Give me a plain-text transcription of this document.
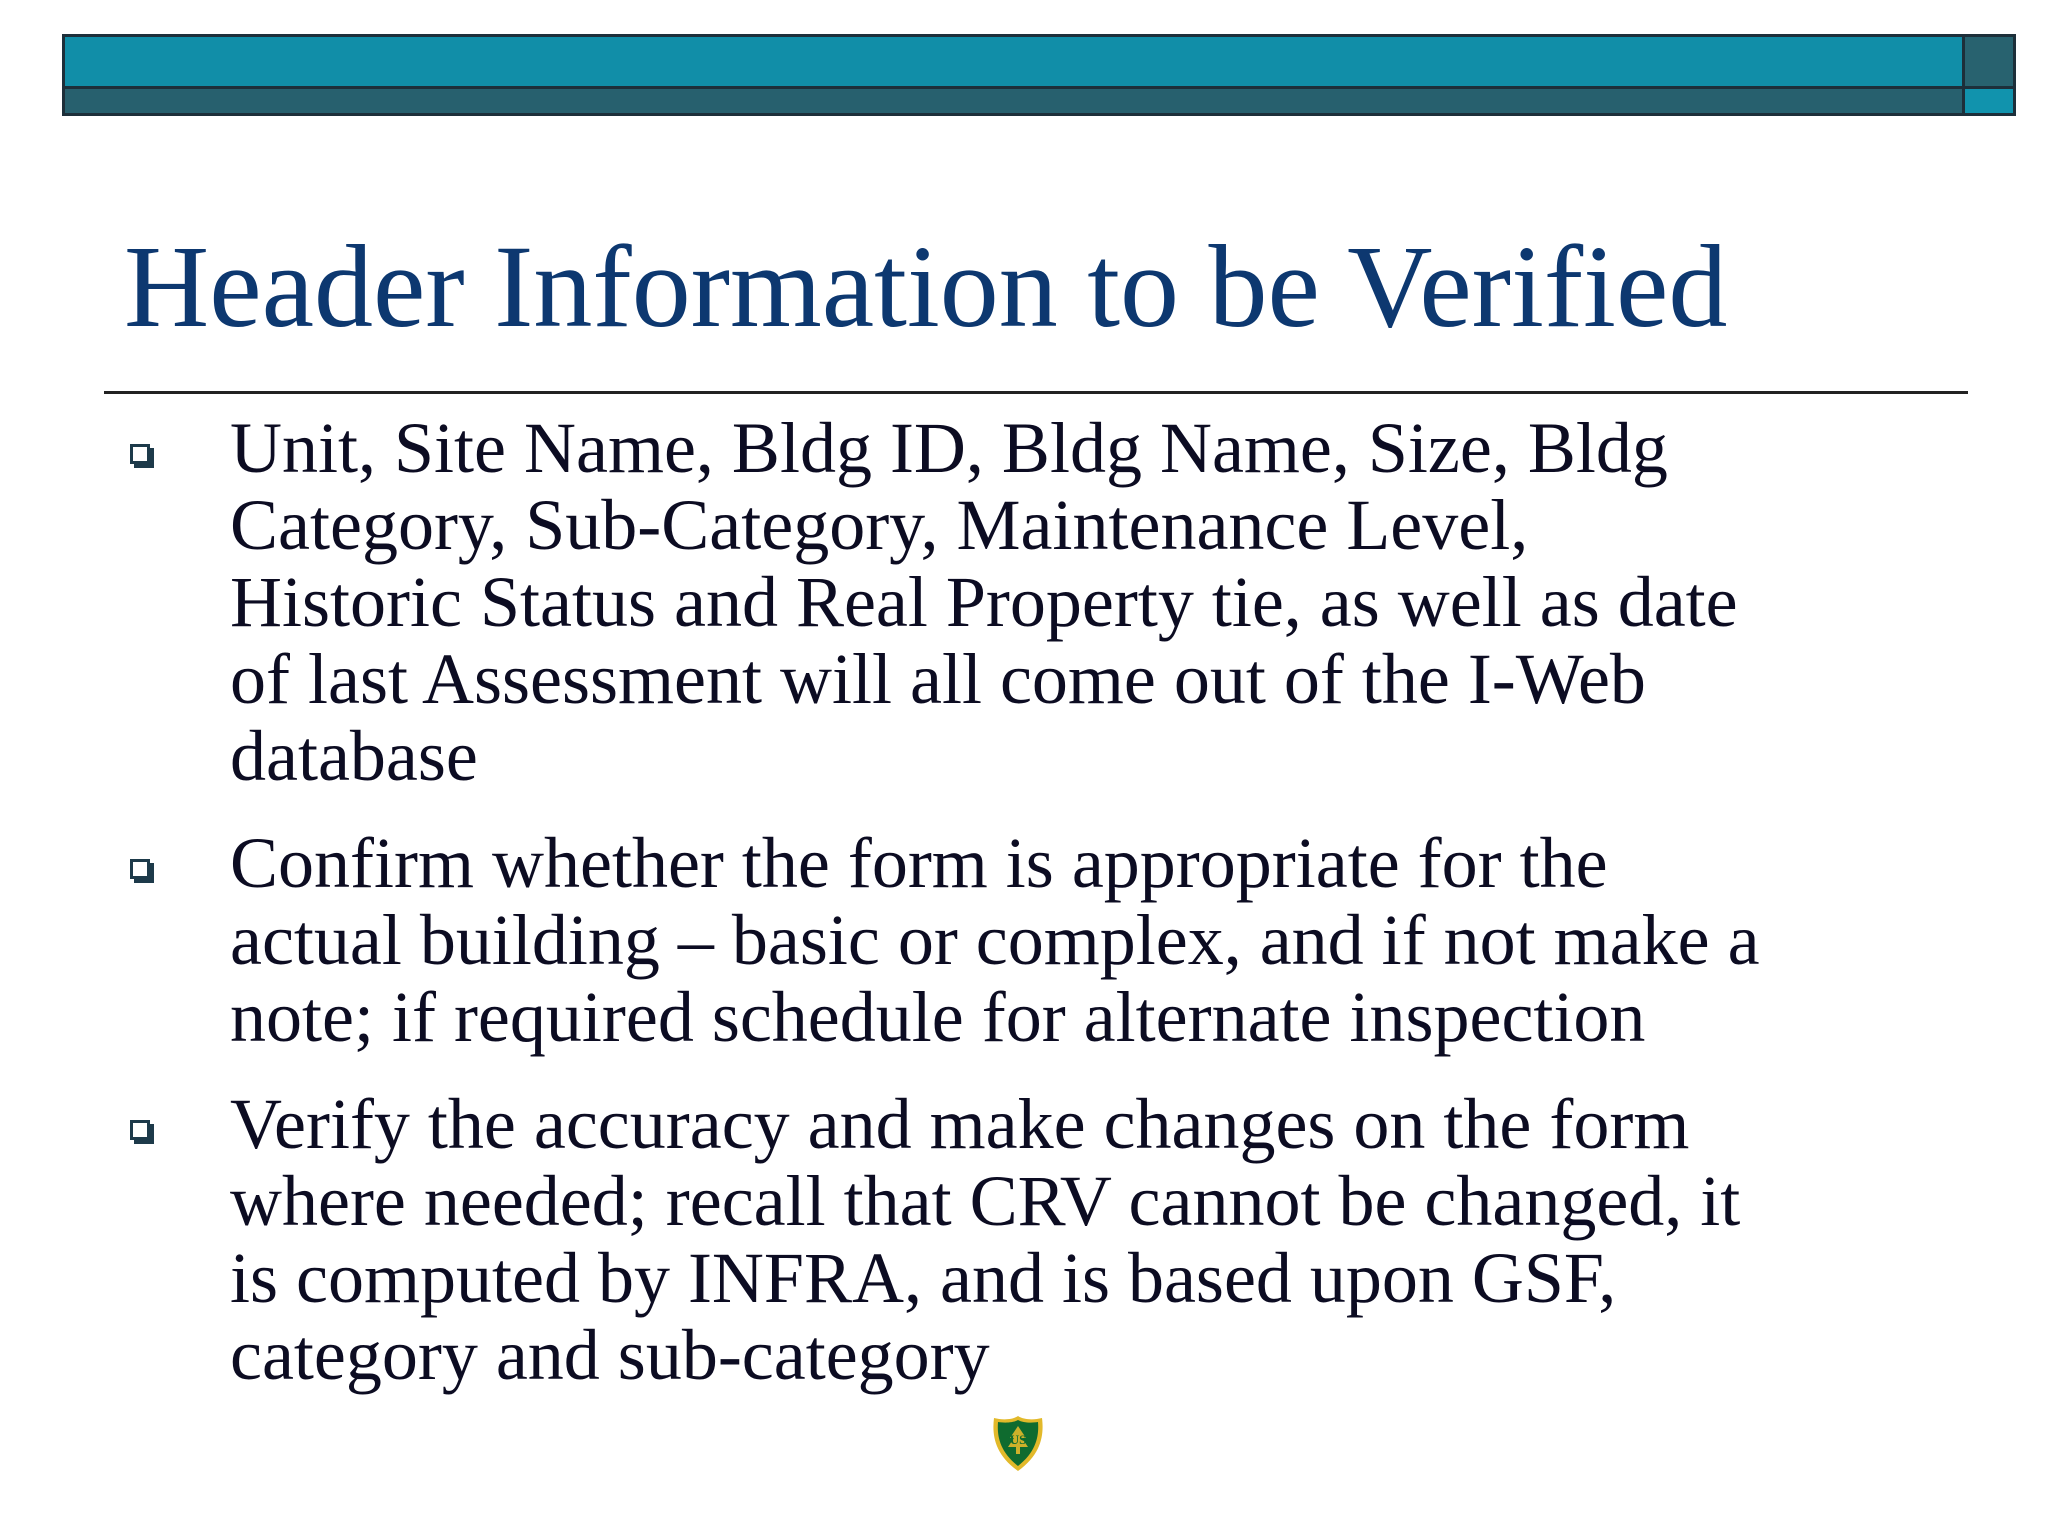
Header Information to be Verified
Unit, Site Name, Bldg ID, Bldg Name, Size, Bldg
Category, Sub-Category, Maintenance Level,
Historic Status and Real Property tie, as well as date
of last Assessment will all come out of the I-Web
database
Confirm whether the form is appropriate for the
actual building – basic or complex, and if not make a
note; if required schedule for alternate inspection
Verify the accuracy and make changes on the form
where needed; recall that CRV cannot be changed, it
is computed by INFRA, and is based upon GSF,
category and sub-category
US
